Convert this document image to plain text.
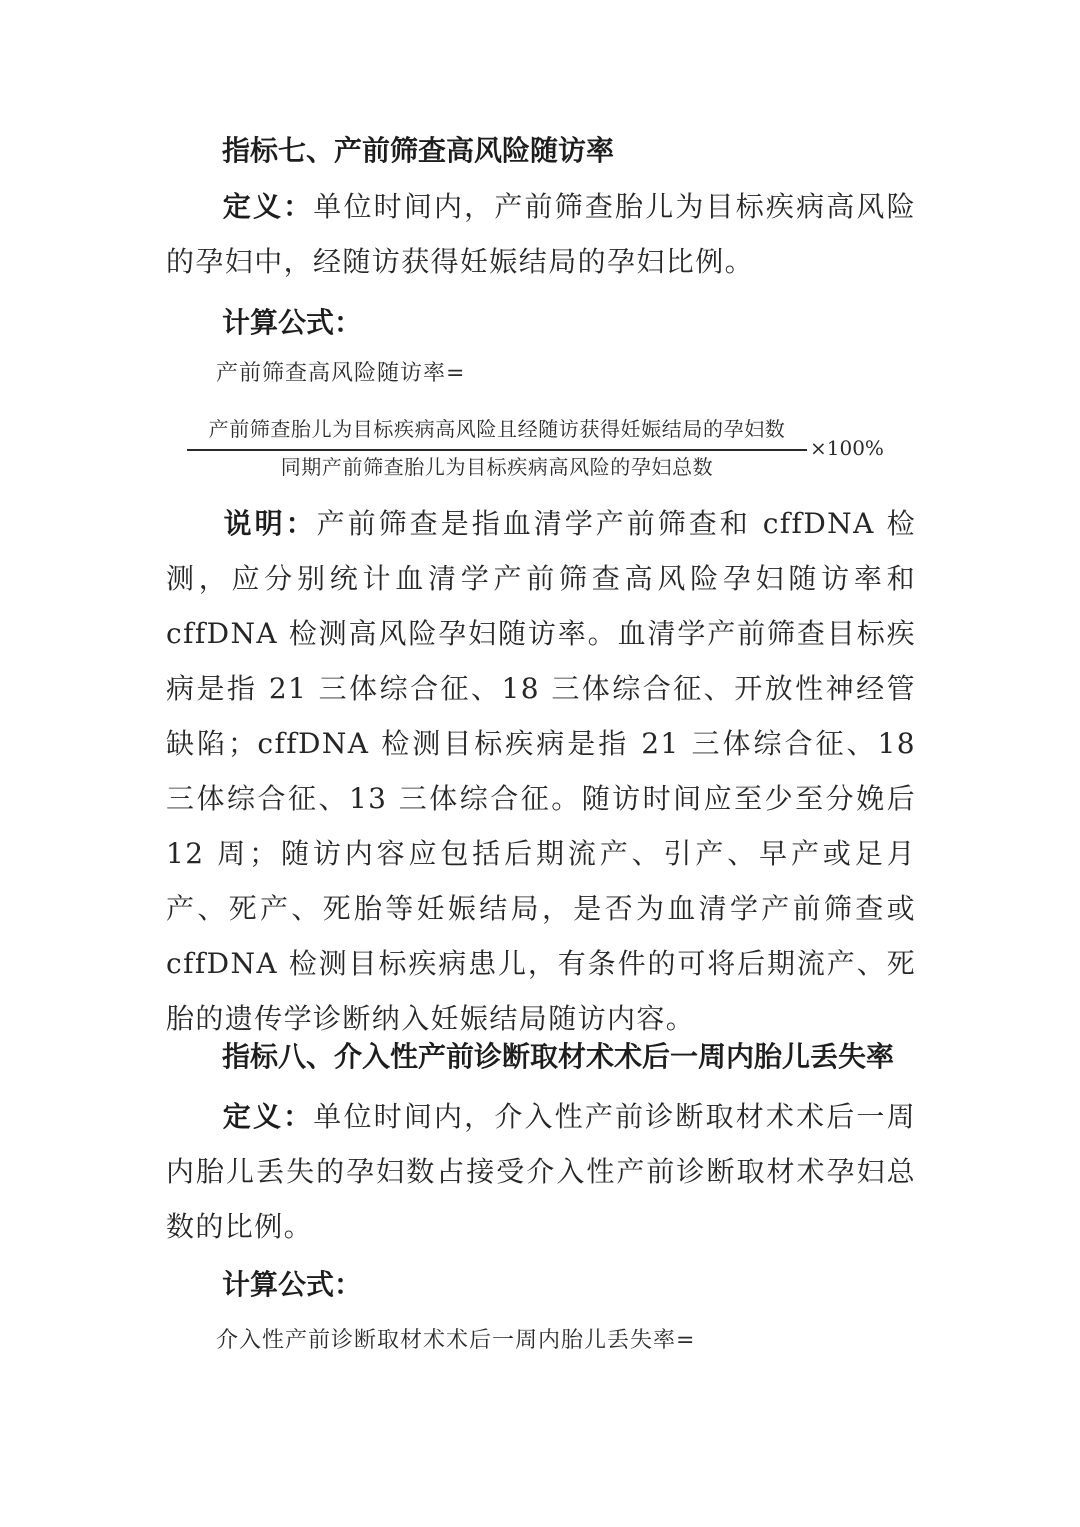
指标七、产前筛查高风险随访率
定义：单位时间内，产前筛查胎儿为目标疾病高风险的孕妇中，经随访获得妊娠结局的孕妇比例。
计算公式：
产前筛查高风险随访率=
产前筛查胎儿为目标疾病高风险且经随访获得妊娠结局的孕妇数
同期产前筛查胎儿为目标疾病高风险的孕妇总数
×100%
说明：产前筛查是指血清学产前筛查和 cffDNA 检测，应分别统计血清学产前筛查高风险孕妇随访率和 cffDNA 检测高风险孕妇随访率。血清学产前筛查目标疾病是指 21 三体综合征、18 三体综合征、开放性神经管缺陷；cffDNA 检测目标疾病是指 21 三体综合征、18 三体综合征、13 三体综合征。随访时间应至少至分娩后 12 周；随访内容应包括后期流产、引产、早产或足月产、死产、死胎等妊娠结局，是否为血清学产前筛查或 cffDNA 检测目标疾病患儿，有条件的可将后期流产、死胎的遗传学诊断纳入妊娠结局随访内容。
指标八、介入性产前诊断取材术术后一周内胎儿丢失率
定义：单位时间内，介入性产前诊断取材术术后一周内胎儿丢失的孕妇数占接受介入性产前诊断取材术孕妇总数的比例。
计算公式：
介入性产前诊断取材术术后一周内胎儿丢失率=
